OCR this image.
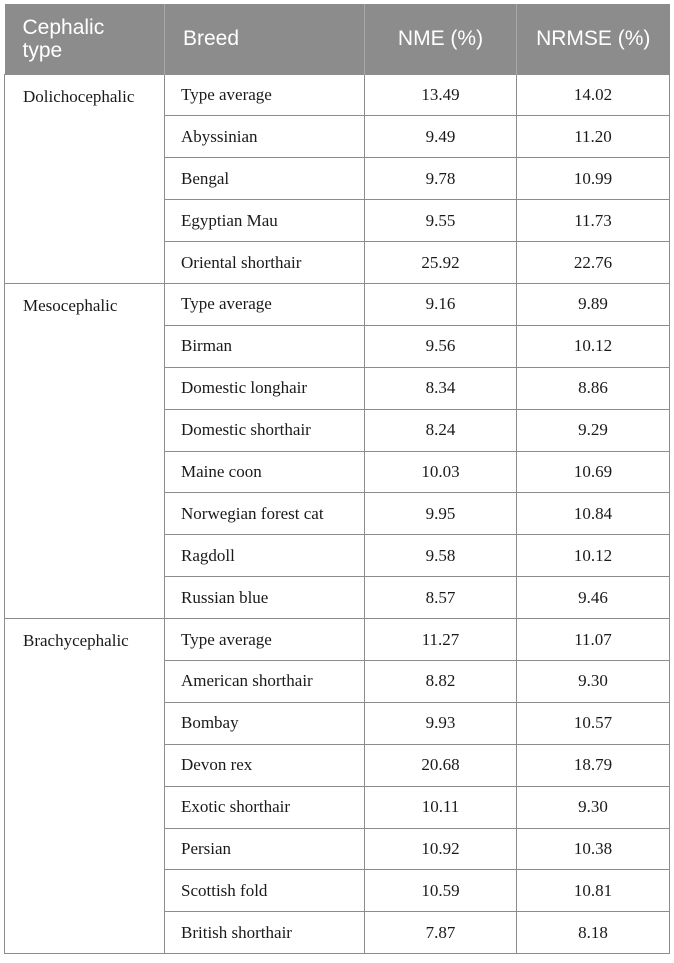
Cephalic type	Breed	NME (%)	NRMSE (%)
Dolichocephalic	Type average	13.49	14.02
	Abyssinian	9.49	11.20
	Bengal	9.78	10.99
	Egyptian Mau	9.55	11.73
	Oriental shorthair	25.92	22.76
Mesocephalic	Type average	9.16	9.89
	Birman	9.56	10.12
	Domestic longhair	8.34	8.86
	Domestic shorthair	8.24	9.29
	Maine coon	10.03	10.69
	Norwegian forest cat	9.95	10.84
	Ragdoll	9.58	10.12
	Russian blue	8.57	9.46
Brachycephalic	Type average	11.27	11.07
	American shorthair	8.82	9.30
	Bombay	9.93	10.57
	Devon rex	20.68	18.79
	Exotic shorthair	10.11	9.30
	Persian	10.92	10.38
	Scottish fold	10.59	10.81
	British shorthair	7.87	8.18
